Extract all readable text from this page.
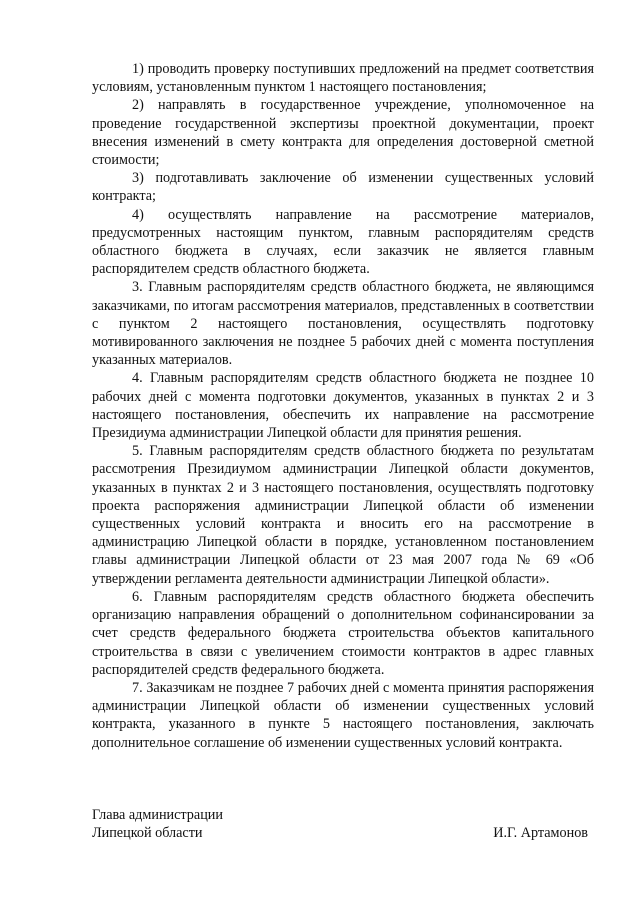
1) проводить проверку поступивших предложений на предмет соответствия условиям, установленным пунктом 1 настоящего постановления;

2) направлять в государственное учреждение, уполномоченное на проведение государственной экспертизы проектной документации, проект внесения изменений в смету контракта для определения достоверной сметной стоимости;

3) подготавливать заключение об изменении существенных условий контракта;

4) осуществлять направление на рассмотрение материалов, предусмотренных настоящим пунктом, главным распорядителям средств областного бюджета в случаях, если заказчик не является главным распорядителем средств областного бюджета.

3. Главным распорядителям средств областного бюджета, не являющимся заказчиками, по итогам рассмотрения материалов, представленных в соответствии с пунктом 2 настоящего постановления, осуществлять подготовку мотивированного заключения не позднее 5 рабочих дней с момента поступления указанных материалов.

4. Главным распорядителям средств областного бюджета не позднее 10 рабочих дней с момента подготовки документов, указанных в пунктах 2 и 3 настоящего постановления, обеспечить их направление на рассмотрение Президиума администрации Липецкой области для принятия решения.

5. Главным распорядителям средств областного бюджета по результатам рассмотрения Президиумом администрации Липецкой области документов, указанных в пунктах 2 и 3 настоящего постановления, осуществлять подготовку проекта распоряжения администрации Липецкой области об изменении существенных условий контракта и вносить его на рассмотрение в администрацию Липецкой области в порядке, установленном постановлением главы администрации Липецкой области от 23 мая 2007 года № 69 «Об утверждении регламента деятельности администрации Липецкой области».

6. Главным распорядителям средств областного бюджета обеспечить организацию направления обращений о дополнительном софинансировании за счет средств федерального бюджета строительства объектов капитального строительства в связи с увеличением стоимости контрактов в адрес главных распорядителей средств федерального бюджета.

7. Заказчикам не позднее 7 рабочих дней с момента принятия распоряжения администрации Липецкой области об изменении существенных условий контракта, указанного в пункте 5 настоящего постановления, заключать дополнительное соглашение об изменении существенных условий контракта.

Глава администрации
Липецкой области	И.Г. Артамонов
